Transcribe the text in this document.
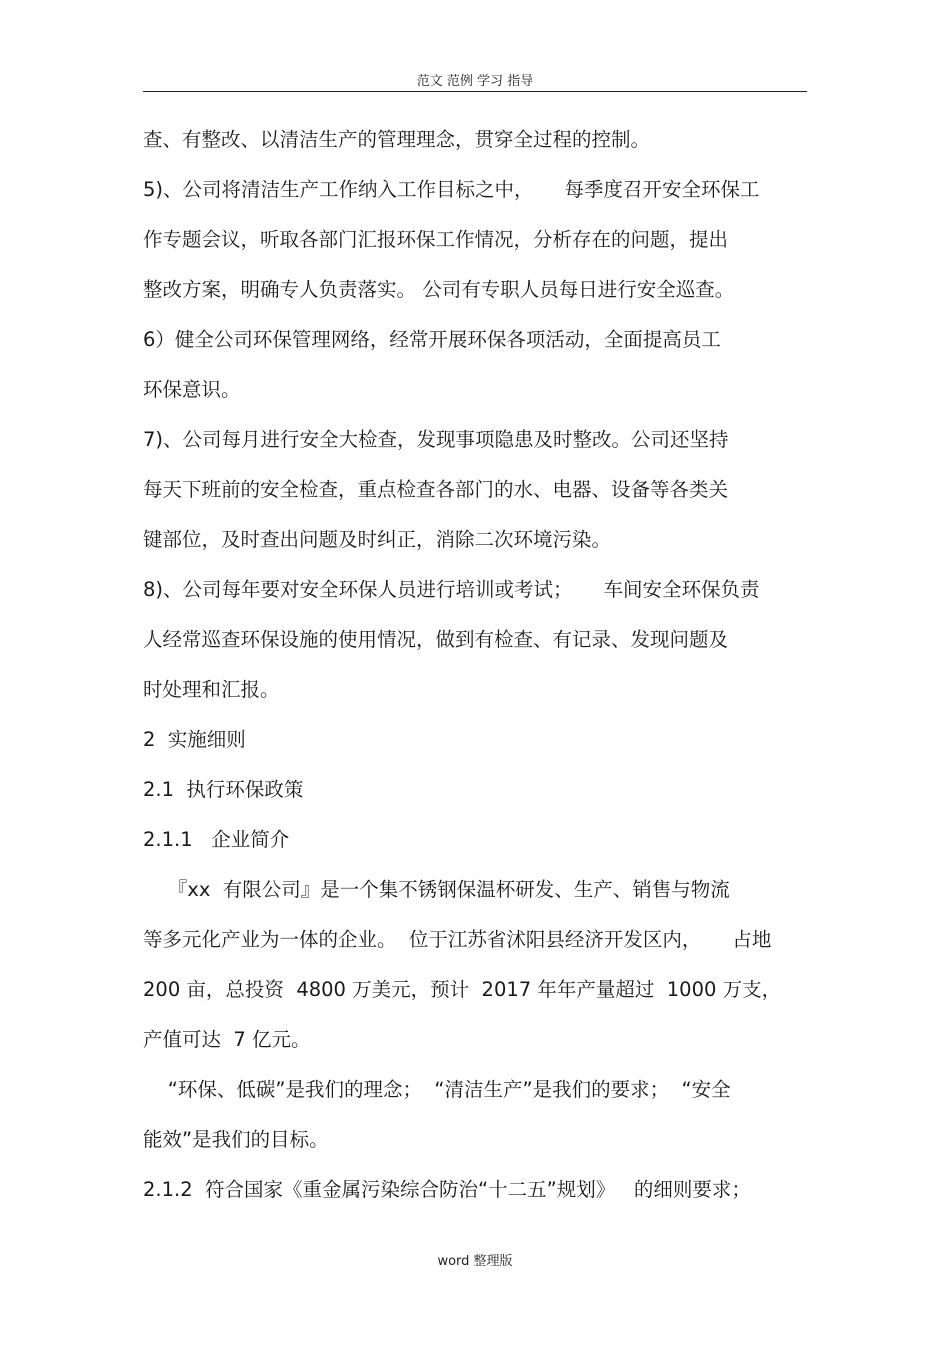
范文 范例 学习 指导
查、有整改、以清洁生产的管理理念，贯穿全过程的控制。
5)、公司将清洁生产工作纳入工作目标之中，     每季度召开安全环保工
作专题会议，听取各部门汇报环保工作情况，分析存在的问题，提出
整改方案，明确专人负责落实。 公司有专职人员每日进行安全巡查。
6）健全公司环保管理网络，经常开展环保各项活动，全面提高员工
环保意识。
7)、公司每月进行安全大检查，发现事项隐患及时整改。公司还坚持
每天下班前的安全检查，重点检查各部门的水、电器、设备等各类关
键部位，及时查出问题及时纠正，消除二次环境污染。
8)、公司每年要对安全环保人员进行培训或考试；     车间安全环保负责
人经常巡查环保设施的使用情况，做到有检查、有记录、发现问题及
时处理和汇报。
2  实施细则
2.1  执行环保政策
2.1.1   企业简介
『xx  有限公司』是一个集不锈钢保温杯研发、生产、销售与物流
等多元化产业为一体的企业。  位于江苏省沭阳县经济开发区内，     占地
200 亩，总投资  4800 万美元，预计  2017 年年产量超过  1000 万支，
产值可达  7 亿元。
“环保、低碳”是我们的理念；  “清洁生产”是我们的要求；  “安全
能效”是我们的目标。
2.1.2  符合国家《重金属污染综合防治“十二五”规划》   的细则要求；
word 整理版
